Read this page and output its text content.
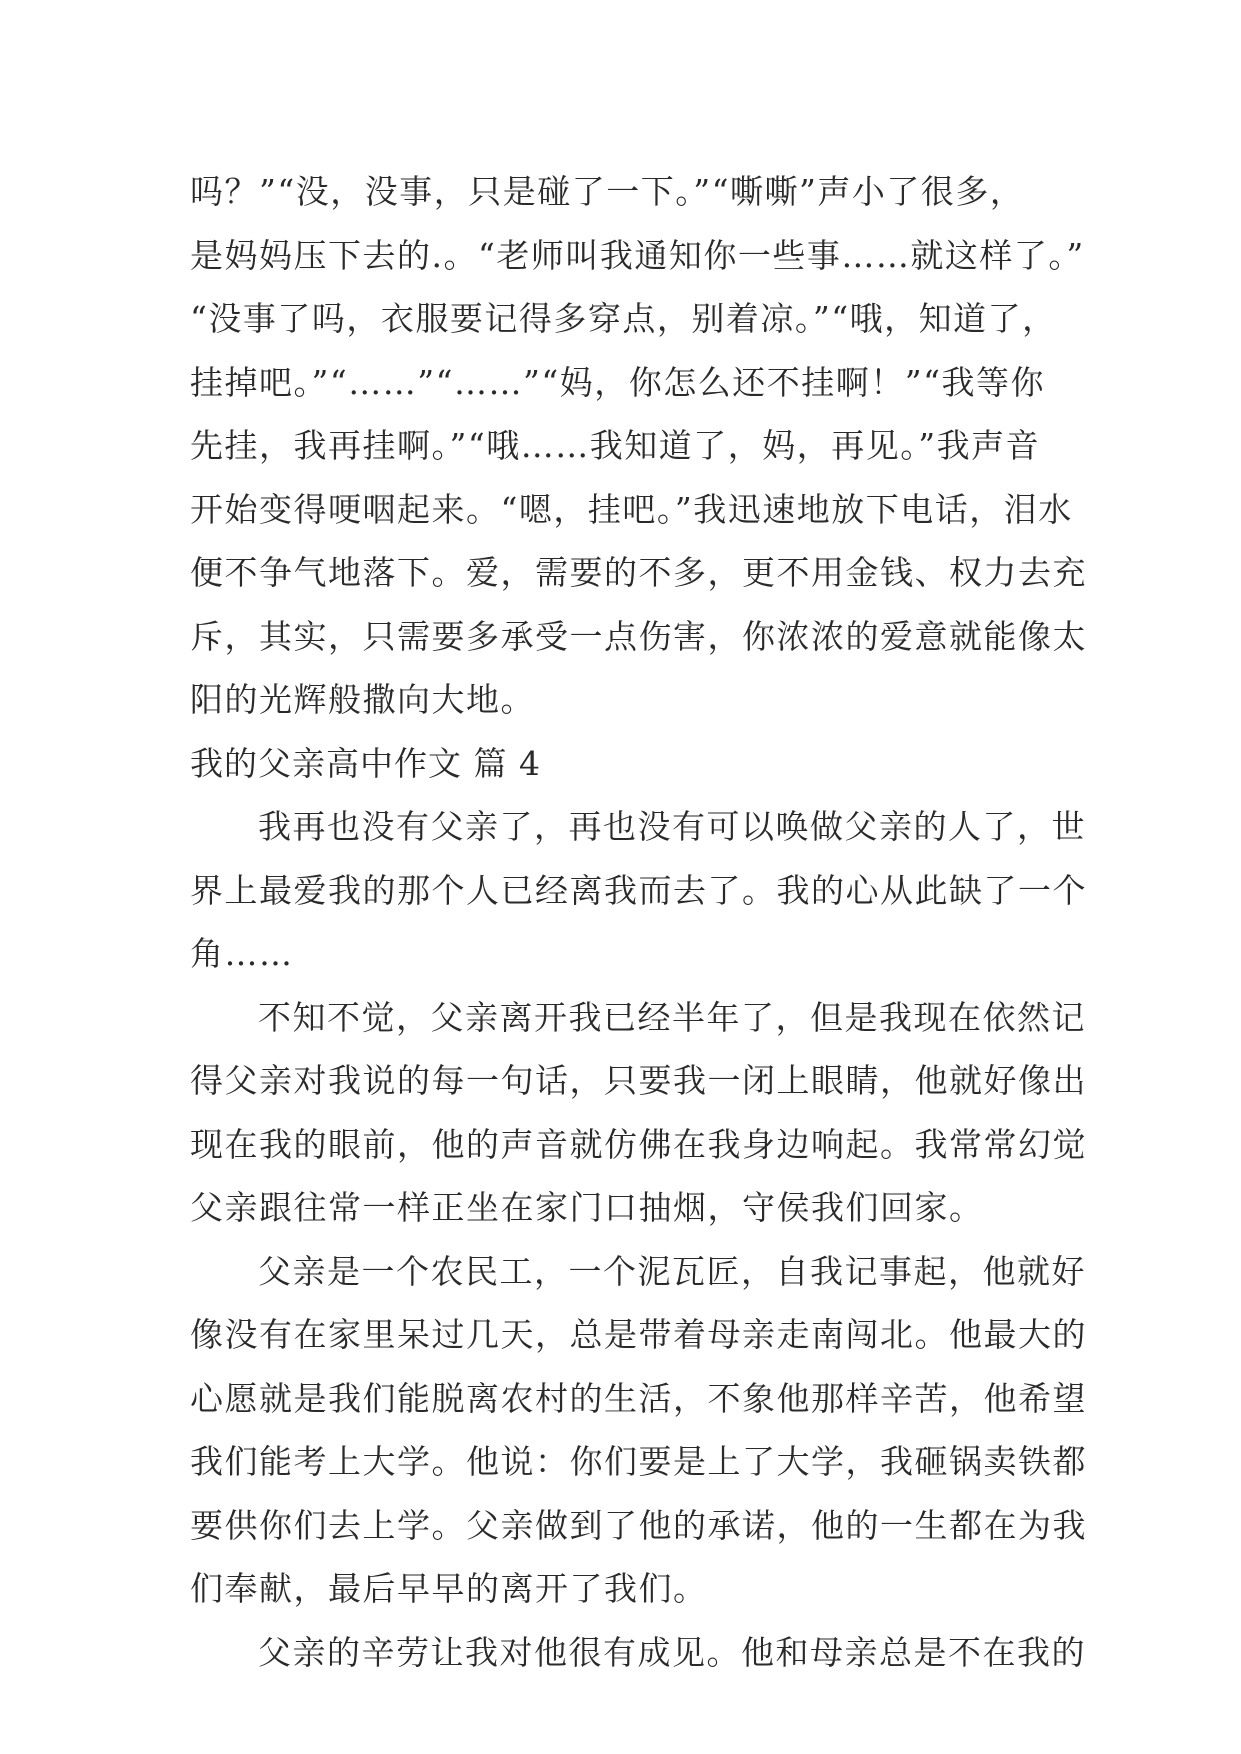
吗？”“没，没事，只是碰了一下。”“嘶嘶”声小了很多，
是妈妈压下去的.。“老师叫我通知你一些事……就这样了。”
“没事了吗，衣服要记得多穿点，别着凉。”“哦，知道了，
挂掉吧。”“……”“……”“妈，你怎么还不挂啊！”“我等你
先挂，我再挂啊。”“哦……我知道了，妈，再见。”我声音
开始变得哽咽起来。“嗯，挂吧。”我迅速地放下电话，泪水
便不争气地落下。爱，需要的不多，更不用金钱、权力去充
斥，其实，只需要多承受一点伤害，你浓浓的爱意就能像太
阳的光辉般撒向大地。
我的父亲高中作文 篇 4
我再也没有父亲了，再也没有可以唤做父亲的人了，世
界上最爱我的那个人已经离我而去了。我的心从此缺了一个
角……
不知不觉，父亲离开我已经半年了，但是我现在依然记
得父亲对我说的每一句话，只要我一闭上眼睛，他就好像出
现在我的眼前，他的声音就仿佛在我身边响起。我常常幻觉
父亲跟往常一样正坐在家门口抽烟，守侯我们回家。
父亲是一个农民工，一个泥瓦匠，自我记事起，他就好
像没有在家里呆过几天，总是带着母亲走南闯北。他最大的
心愿就是我们能脱离农村的生活，不象他那样辛苦，他希望
我们能考上大学。他说：你们要是上了大学，我砸锅卖铁都
要供你们去上学。父亲做到了他的承诺，他的一生都在为我
们奉献，最后早早的离开了我们。
父亲的辛劳让我对他很有成见。他和母亲总是不在我的
